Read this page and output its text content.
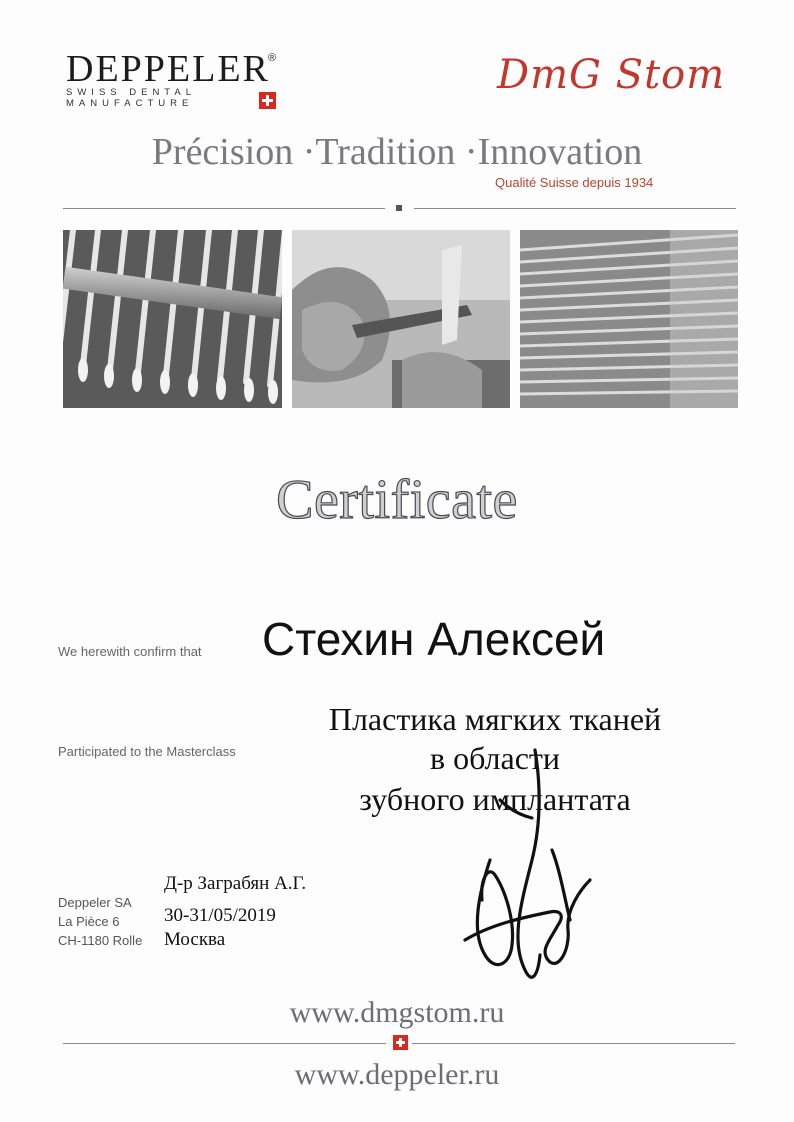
DEPPELER
®
SWISS DENTAL
MANUFACTURE
DmG Stom
Précision ·Tradition ·Innovation
Qualité Suisse depuis 1934
Certificate
We herewith confirm that Стехин Алексей
Participated to the Masterclass
Пластика мягких тканей
в области
зубного имплантата
Deppeler SA
La Pièce 6
CH-1180 Rolle
Д-р Заграбян А.Г.
30-31/05/2019
Москва
www.dmgstom.ru
www.deppeler.ru
